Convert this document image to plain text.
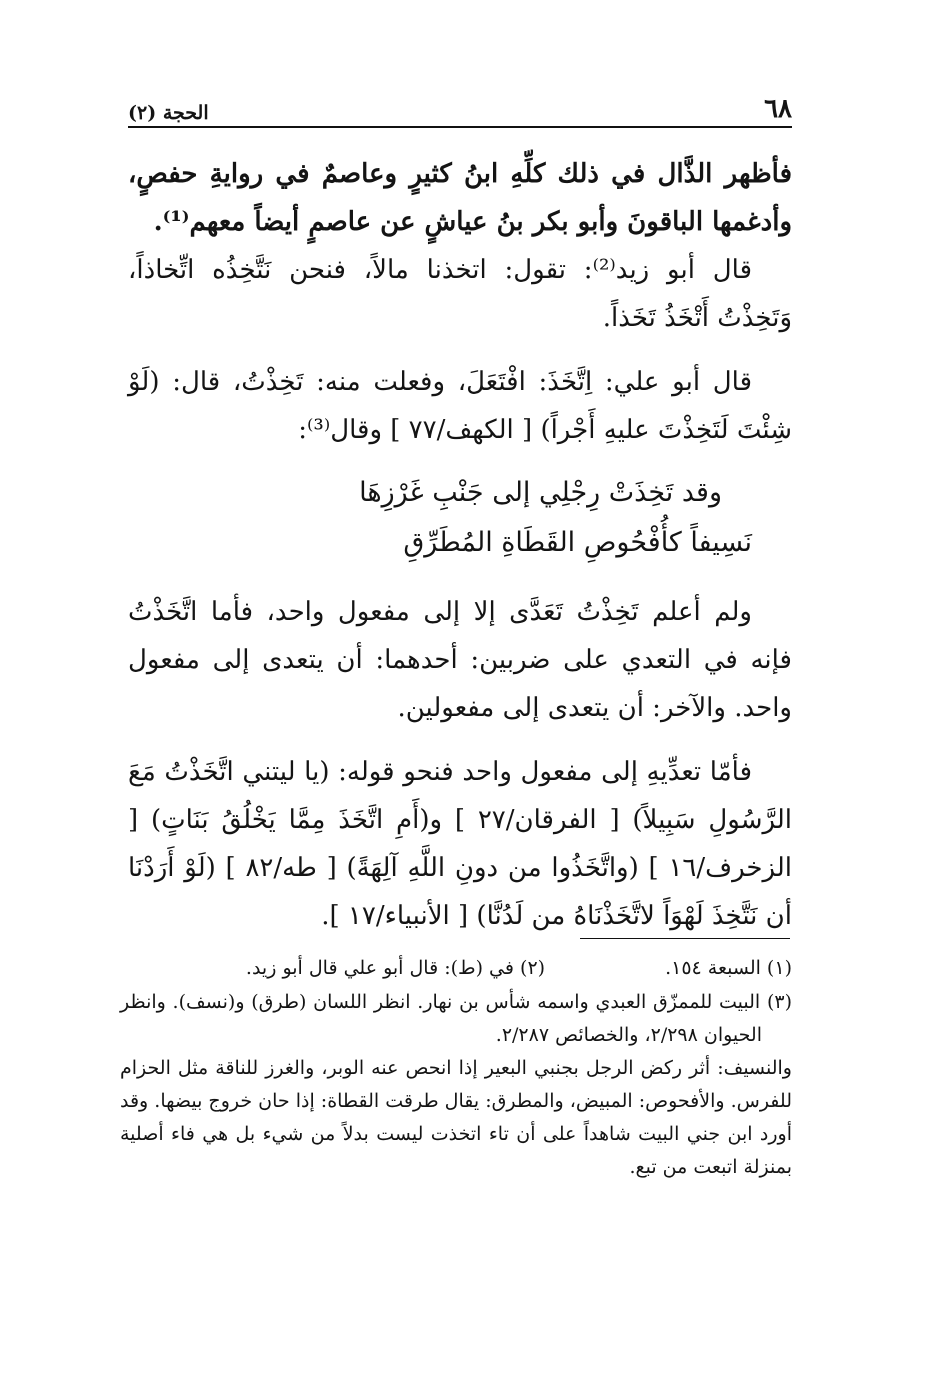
٦٨
الحجة (٢)

فأظهر الذَّال في ذلك كلِّهِ ابنُ كثيرٍ وعاصمٌ في روايةِ حفصٍ، وأدغمها الباقونَ وأبو بكر بنُ عياشٍ عن عاصمٍ أيضاً معهم⁽¹⁾.

قال أبو زيد⁽²⁾: تقول: اتخذنا مالاً، فنحن نَتَّخِذُه اتِّخاذاً، وَتَخِذْتُ أَتْخَذُ تَخَذاً.

قال أبو علي: اِتَّخَذَ: افْتَعَلَ، وفعلت منه: تَخِذْتُ، قال: (لَوْ شِئْتَ لَتَخِذْتَ عليهِ أَجْراً) [ الكهف/٧٧ ] وقال⁽³⁾:

وقد تَخِذَتْ رِجْلِي إلى جَنْبِ غَرْزِهَا
نَسِيفاً كأُفْحُوصِ القَطَاةِ المُطَرِّقِ

ولم أعلم تَخِذْتُ تَعَدَّى إلا إلى مفعول واحد، فأما اتَّخَذْتُ فإنه في التعدي على ضربين: أحدهما: أن يتعدى إلى مفعول واحد. والآخر: أن يتعدى إلى مفعولين.

فأمّا تعدِّيهِ إلى مفعول واحد فنحو قوله: (يا ليتني اتَّخَذْتُ مَعَ الرَّسُولِ سَبِيلاً) [ الفرقان/٢٧ ] و(أَمِ اتَّخَذَ مِمَّا يَخْلُقُ بَنَاتٍ) [ الزخرف/١٦ ] (واتَّخَذُوا من دونِ اللَّهِ آلِهَةً) [ طه/٨٢ ] (لَوْ أَرَدْنَا أن نَتَّخِذَ لَهْوَاً لاتَّخَذْنَاهُ من لَدُنَّا) [ الأنبياء/١٧ ].

(١) السبعة ١٥٤.
(٢) في (ط): قال أبو علي قال أبو زيد.

(٣) البيت للممزّق العبدي واسمه شأس بن نهار. انظر اللسان (طرق) و(نسف). وانظر الحيوان ٢/٢٩٨، والخصائص ٢/٢٨٧.

والنسيف: أثر ركض الرجل بجنبي البعير إذا انحص عنه الوبر، والغرز للناقة مثل الحزام للفرس. والأفحوص: المبيض، والمطرق: يقال طرقت القطاة: إذا حان خروج بيضها. وقد أورد ابن جني البيت شاهداً على أن تاء اتخذت ليست بدلاً من شيء بل هي فاء أصلية بمنزلة اتبعت من تبع.
